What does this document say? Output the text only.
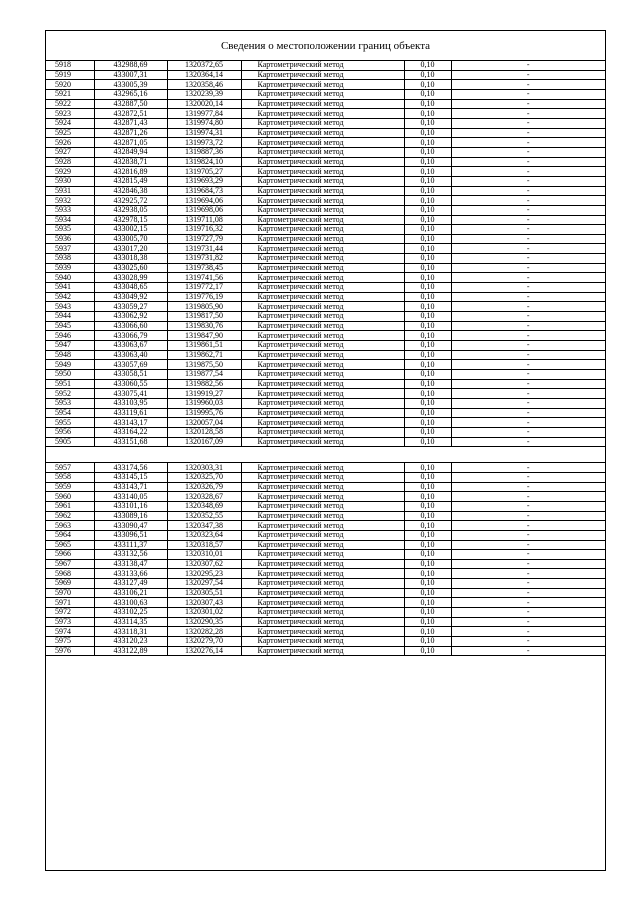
Сведения о местоположении границ объекта
5918	432988,69	1320372,65	Картометрический метод	0,10	-
5919	433007,31	1320364,14	Картометрический метод	0,10	-
5920	433005,39	1320358,46	Картометрический метод	0,10	-
5921	432965,16	1320239,39	Картометрический метод	0,10	-
5922	432887,50	1320020,14	Картометрический метод	0,10	-
5923	432872,51	1319977,84	Картометрический метод	0,10	-
5924	432871,43	1319974,80	Картометрический метод	0,10	-
5925	432871,26	1319974,31	Картометрический метод	0,10	-
5926	432871,05	1319973,72	Картометрический метод	0,10	-
5927	432849,94	1319887,36	Картометрический метод	0,10	-
5928	432838,71	1319824,10	Картометрический метод	0,10	-
5929	432816,89	1319705,27	Картометрический метод	0,10	-
5930	432815,49	1319693,29	Картометрический метод	0,10	-
5931	432846,38	1319684,73	Картометрический метод	0,10	-
5932	432925,72	1319694,06	Картометрический метод	0,10	-
5933	432938,05	1319698,06	Картометрический метод	0,10	-
5934	432978,15	1319711,08	Картометрический метод	0,10	-
5935	433002,15	1319716,32	Картометрический метод	0,10	-
5936	433005,70	1319727,79	Картометрический метод	0,10	-
5937	433017,20	1319731,44	Картометрический метод	0,10	-
5938	433018,38	1319731,82	Картометрический метод	0,10	-
5939	433025,60	1319738,45	Картометрический метод	0,10	-
5940	433028,99	1319741,56	Картометрический метод	0,10	-
5941	433048,65	1319772,17	Картометрический метод	0,10	-
5942	433049,92	1319776,19	Картометрический метод	0,10	-
5943	433059,27	1319805,90	Картометрический метод	0,10	-
5944	433062,92	1319817,50	Картометрический метод	0,10	-
5945	433066,60	1319830,76	Картометрический метод	0,10	-
5946	433066,79	1319847,90	Картометрический метод	0,10	-
5947	433063,67	1319861,51	Картометрический метод	0,10	-
5948	433063,40	1319862,71	Картометрический метод	0,10	-
5949	433057,69	1319875,50	Картометрический метод	0,10	-
5950	433058,51	1319877,54	Картометрический метод	0,10	-
5951	433060,55	1319882,56	Картометрический метод	0,10	-
5952	433075,41	1319919,27	Картометрический метод	0,10	-
5953	433103,95	1319960,03	Картометрический метод	0,10	-
5954	433119,61	1319995,76	Картометрический метод	0,10	-
5955	433143,17	1320057,04	Картометрический метод	0,10	-
5956	433164,22	1320128,58	Картометрический метод	0,10	-
5905	433151,68	1320167,09	Картометрический метод	0,10	-

5957	433174,56	1320303,31	Картометрический метод	0,10	-
5958	433145,15	1320325,70	Картометрический метод	0,10	-
5959	433143,71	1320326,79	Картометрический метод	0,10	-
5960	433140,05	1320328,67	Картометрический метод	0,10	-
5961	433101,16	1320348,69	Картометрический метод	0,10	-
5962	433089,16	1320352,55	Картометрический метод	0,10	-
5963	433090,47	1320347,38	Картометрический метод	0,10	-
5964	433096,51	1320323,64	Картометрический метод	0,10	-
5965	433111,37	1320318,57	Картометрический метод	0,10	-
5966	433132,56	1320310,01	Картометрический метод	0,10	-
5967	433138,47	1320307,62	Картометрический метод	0,10	-
5968	433133,66	1320295,23	Картометрический метод	0,10	-
5969	433127,49	1320297,54	Картометрический метод	0,10	-
5970	433106,21	1320305,51	Картометрический метод	0,10	-
5971	433100,63	1320307,43	Картометрический метод	0,10	-
5972	433102,25	1320301,02	Картометрический метод	0,10	-
5973	433114,35	1320290,35	Картометрический метод	0,10	-
5974	433118,31	1320282,28	Картометрический метод	0,10	-
5975	433120,23	1320279,70	Картометрический метод	0,10	-
5976	433122,89	1320276,14	Картометрический метод	0,10	-
